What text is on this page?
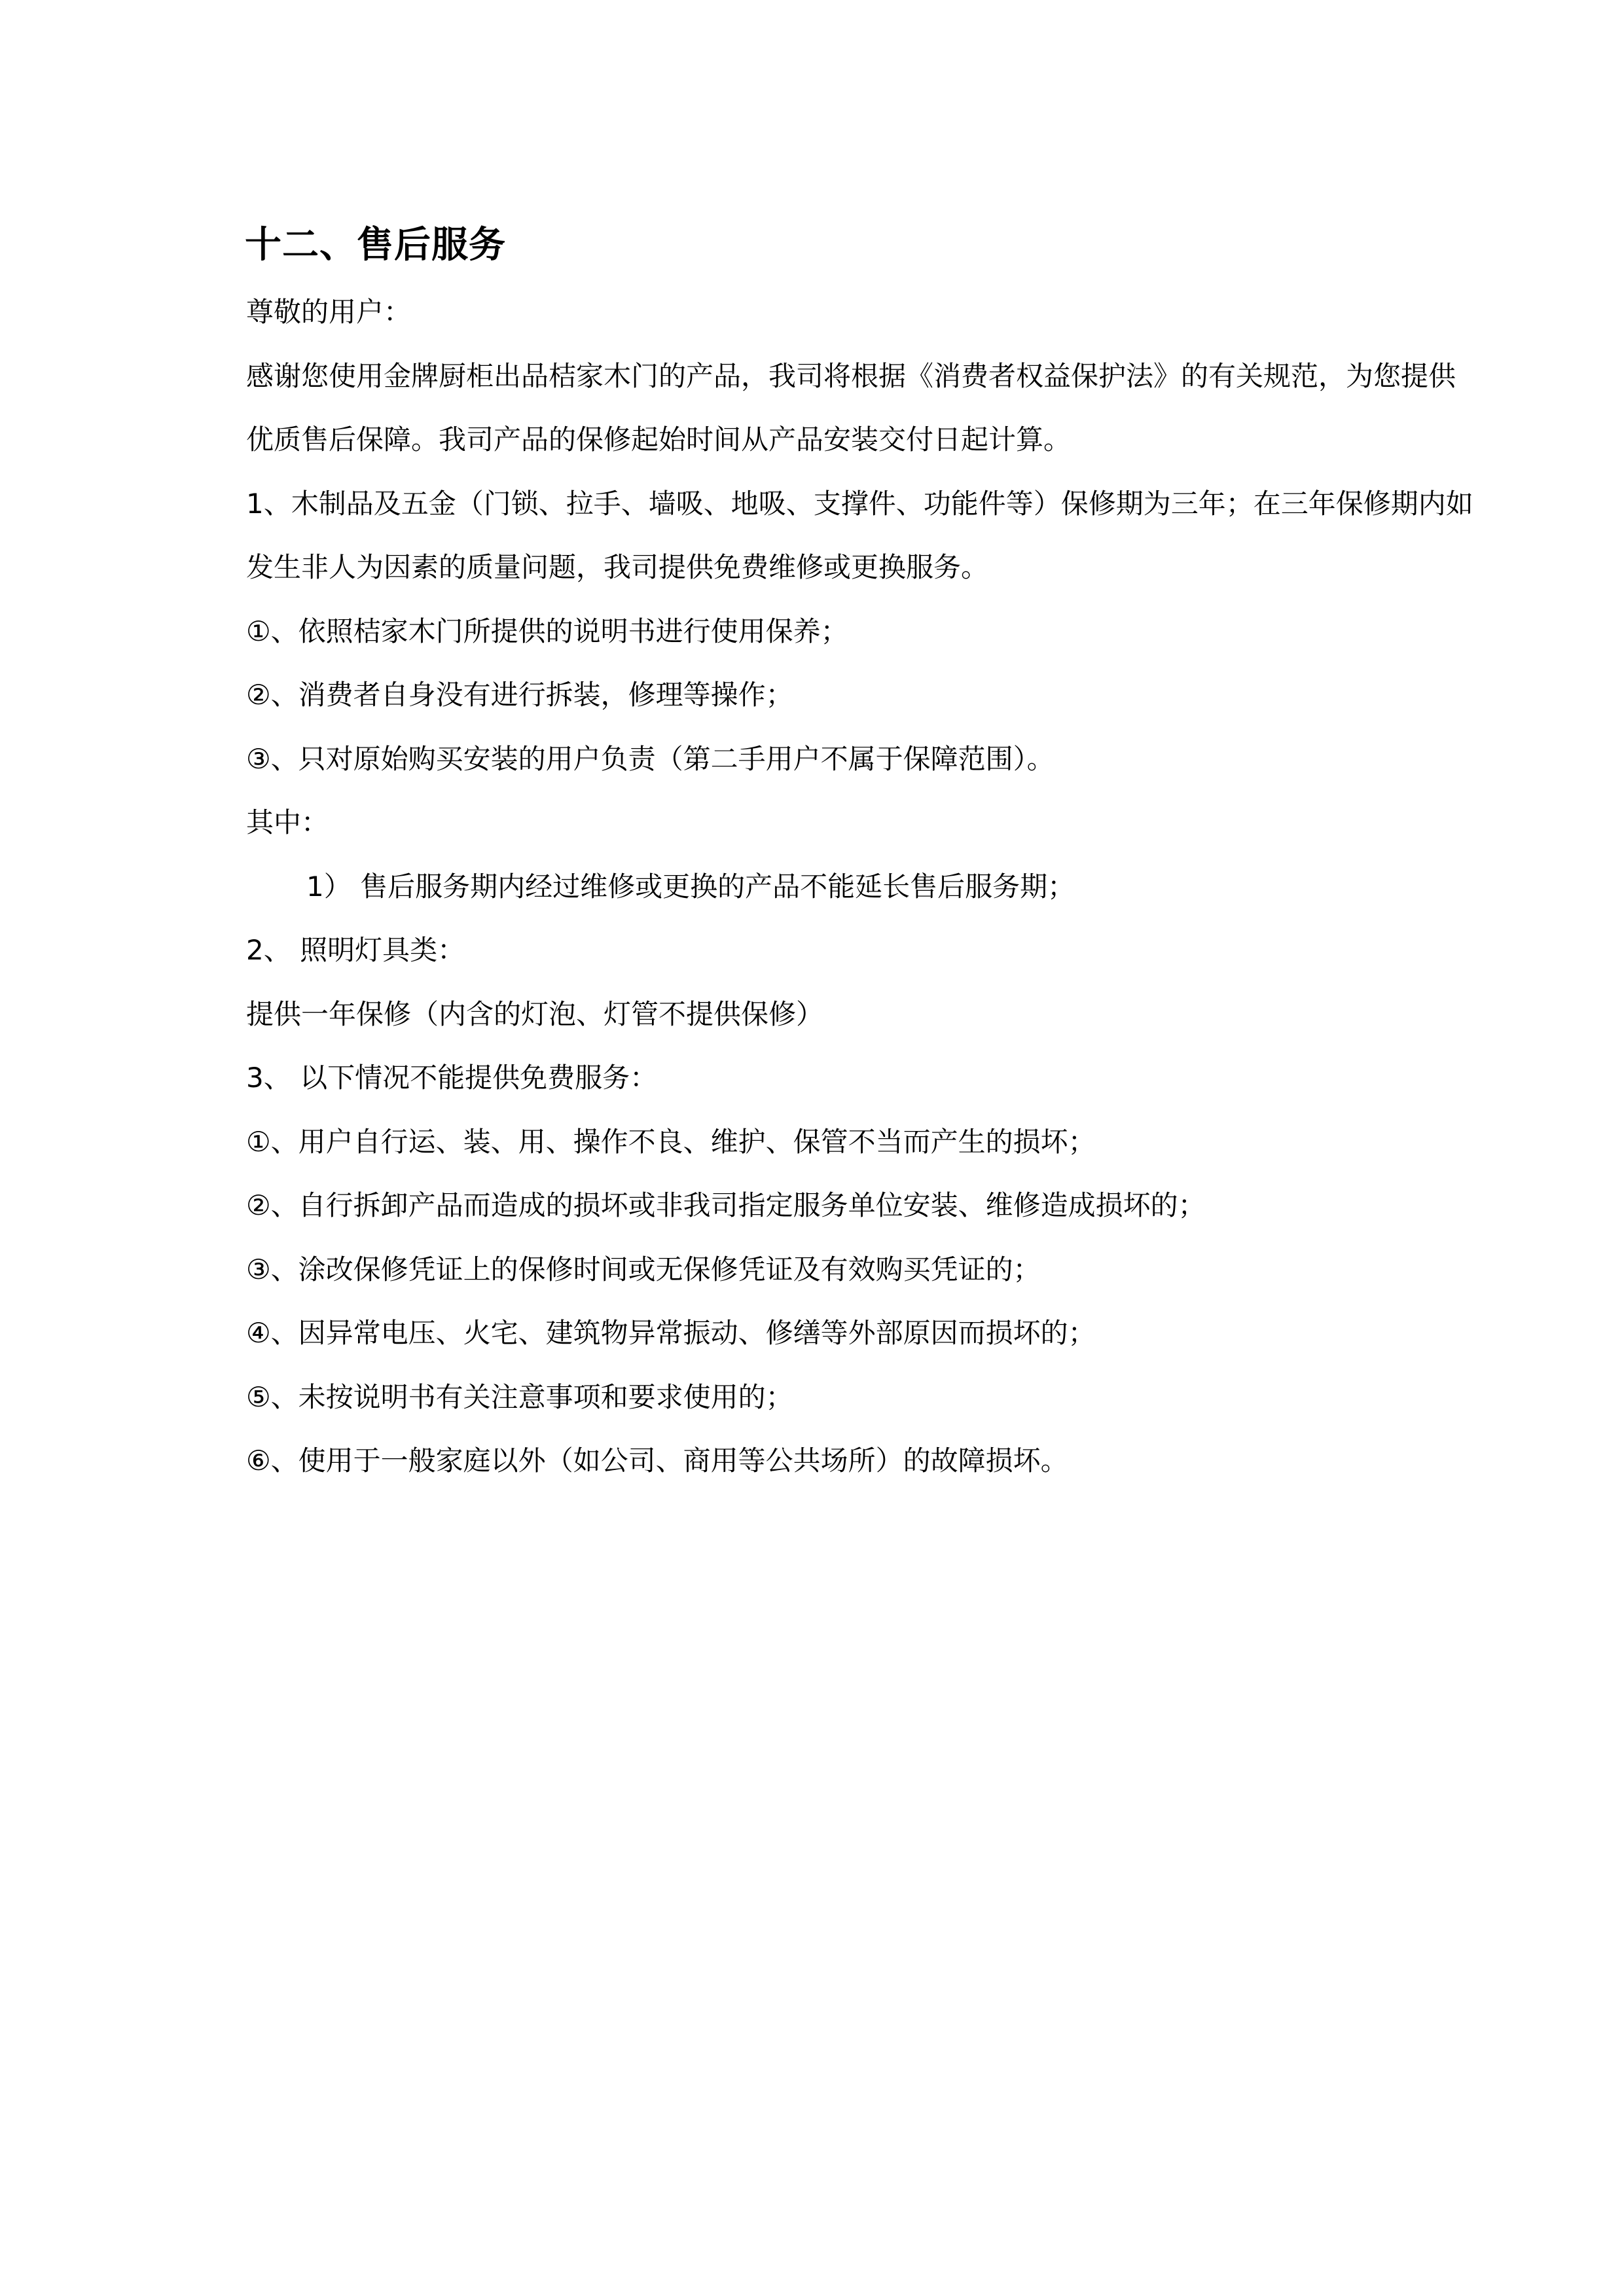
十二、售后服务
尊敬的用户：
感谢您使用金牌厨柜出品桔家木门的产品，我司将根据《消费者权益保护法》的有关规范，为您提供
优质售后保障。我司产品的保修起始时间从产品安装交付日起计算。
1、木制品及五金（门锁、拉手、墙吸、地吸、支撑件、功能件等）保修期为三年；在三年保修期内如
发生非人为因素的质量问题，我司提供免费维修或更换服务。
①、依照桔家木门所提供的说明书进行使用保养；
②、消费者自身没有进行拆装，修理等操作；
③、只对原始购买安装的用户负责（第二手用户不属于保障范围）。
其中：
1） 售后服务期内经过维修或更换的产品不能延长售后服务期；
2、 照明灯具类：
提供一年保修（内含的灯泡、灯管不提供保修）
3、 以下情况不能提供免费服务：
①、用户自行运、装、用、操作不良、维护、保管不当而产生的损坏；
②、自行拆卸产品而造成的损坏或非我司指定服务单位安装、维修造成损坏的；
③、涂改保修凭证上的保修时间或无保修凭证及有效购买凭证的；
④、因异常电压、火宅、建筑物异常振动、修缮等外部原因而损坏的；
⑤、未按说明书有关注意事项和要求使用的；
⑥、使用于一般家庭以外（如公司、商用等公共场所）的故障损坏。
